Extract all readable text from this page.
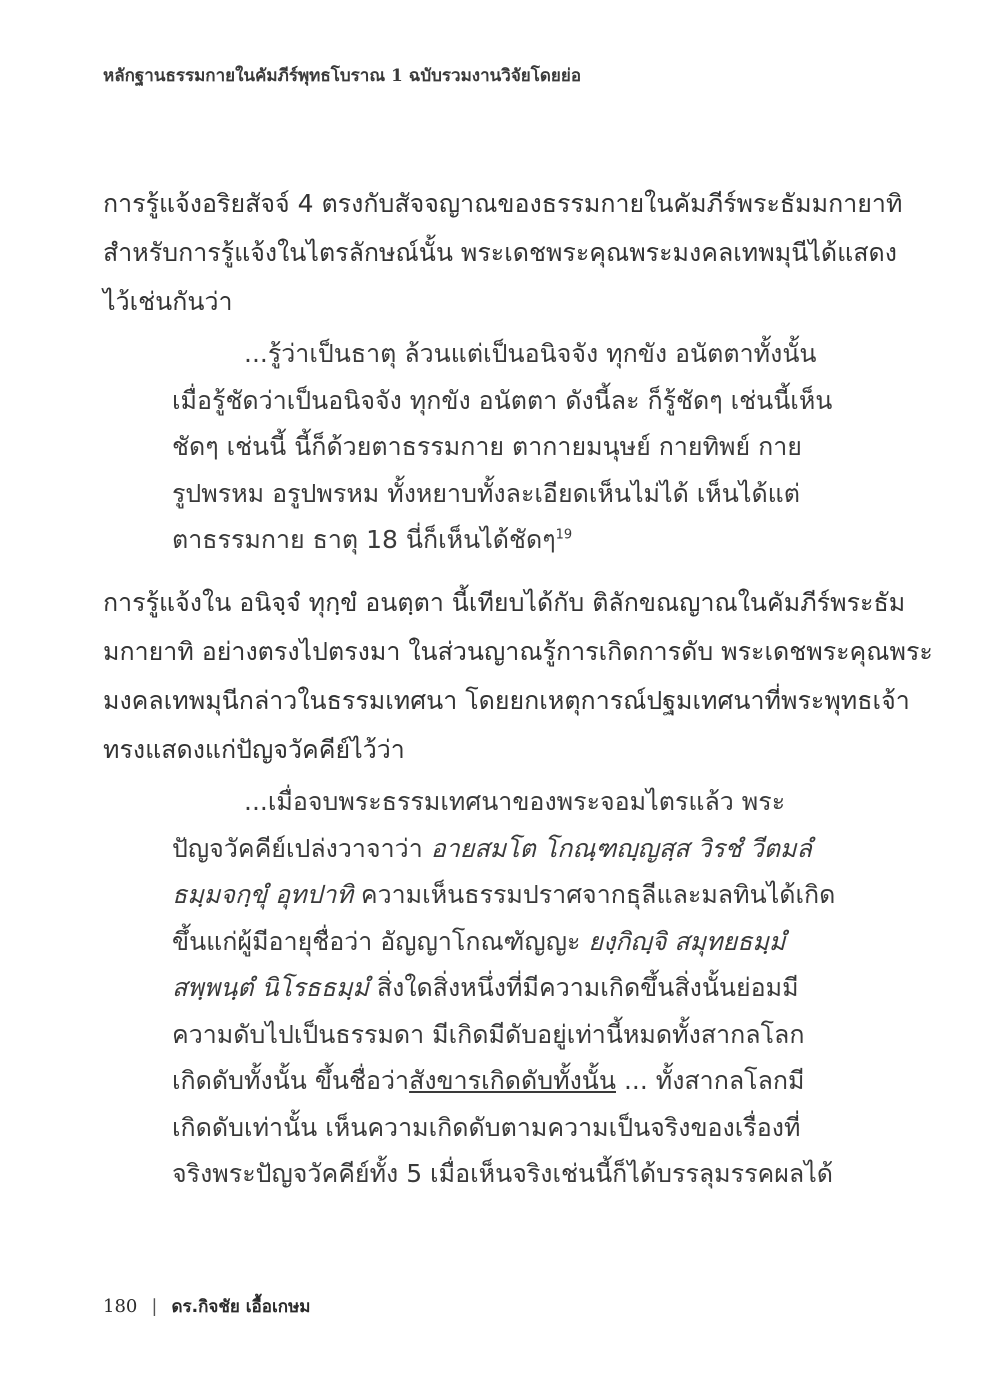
หลักฐานธรรมกายในคัมภีร์พุทธโบราณ 1 ฉบับรวมงานวิจัยโดยย่อ
การรู้แจ้งอริยสัจจ์ 4 ตรงกับสัจจญาณของธรรมกายในคัมภีร์พระธัมมกายาทิ
สำหรับการรู้แจ้งในไตรลักษณ์นั้น พระเดชพระคุณพระมงคลเทพมุนีได้แสดง
ไว้เช่นกันว่า
...รู้ว่าเป็นธาตุ ล้วนแต่เป็นอนิจจัง ทุกขัง อนัตตาทั้งนั้น
เมื่อรู้ชัดว่าเป็นอนิจจัง ทุกขัง อนัตตา ดังนี้ละ ก็รู้ชัดๆ เช่นนี้เห็น
ชัดๆ เช่นนี้ นี้ก็ด้วยตาธรรมกาย ตากายมนุษย์ กายทิพย์ กาย
รูปพรหม อรูปพรหม ทั้งหยาบทั้งละเอียดเห็นไม่ได้ เห็นได้แต่
ตาธรรมกาย ธาตุ 18 นี่ก็เห็นได้ชัดๆ$^{19}$
การรู้แจ้งใน อนิจฺจํ ทุกฺขํ อนตฺตา นี้เทียบได้กับ ติลักขณญาณในคัมภีร์พระธัม
มกายาทิ อย่างตรงไปตรงมา ในส่วนญาณรู้การเกิดการดับ พระเดชพระคุณพระ
มงคลเทพมุนีกล่าวในธรรมเทศนา โดยยกเหตุการณ์ปฐมเทศนาที่พระพุทธเจ้า
ทรงแสดงแก่ปัญจวัคคีย์ไว้ว่า
...เมื่อจบพระธรรมเทศนาของพระจอมไตรแล้ว พระ
ปัญจวัคคีย์เปล่งวาจาว่า อายสมโต โกณฺฑญฺญสฺส วิรชํ วีตมลํ
ธมฺมจกฺขุํ อุทปาทิ ความเห็นธรรมปราศจากธุลีและมลทินได้เกิด
ขึ้นแก่ผู้มีอายุชื่อว่า อัญญาโกณฑัญญะ ยงฺกิญฺจิ สมุทยธมฺมํ
สพฺพนฺตํ นิโรธธมฺมํ สิ่งใดสิ่งหนึ่งที่มีความเกิดขึ้นสิ่งนั้นย่อมมี
ความดับไปเป็นธรรมดา มีเกิดมีดับอยู่เท่านี้หมดทั้งสากลโลก
เกิดดับทั้งนั้น ขึ้นชื่อว่าสังขารเกิดดับทั้งนั้น ... ทั้งสากลโลกมี
เกิดดับเท่านั้น เห็นความเกิดดับตามความเป็นจริงของเรื่องที่
จริงพระปัญจวัคคีย์ทั้ง 5 เมื่อเห็นจริงเช่นนี้ก็ได้บรรลุมรรคผลได้
180 | ดร.กิจชัย เอื้อเกษม
